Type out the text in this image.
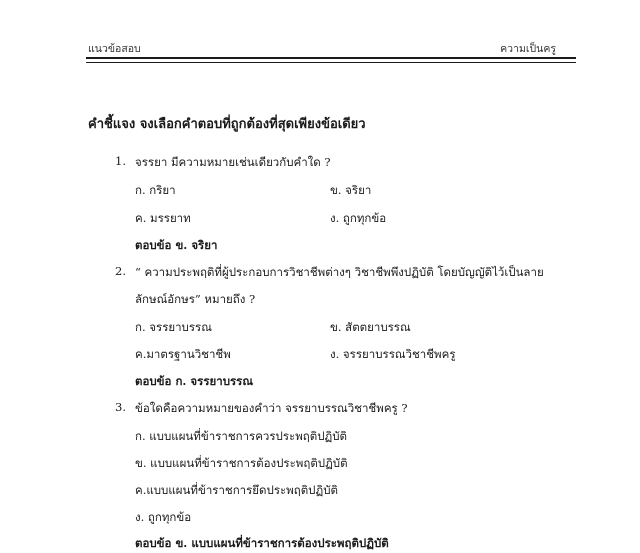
แนวข้อสอบ	ความเป็นครู
คำชี้แจง จงเลือกคำตอบที่ถูกต้องที่สุดเพียงข้อเดียว
1. จรรยา มีความหมายเช่นเดียวกับคำใด ?
ก. กริยา	ข. จริยา
ค. มรรยาท	ง. ถูกทุกข้อ
ตอบข้อ ข. จริยา
2. “ ความประพฤติที่ผู้ประกอบการวิชาชีพต่างๆ วิชาชีพพึงปฏิบัติ โดยบัญญัติไว้เป็นลาย
ลักษณ์อักษร” หมายถึง ?
ก. จรรยาบรรณ	ข. สัตตยาบรรณ
ค.มาตรฐานวิชาชีพ	ง. จรรยาบรรณวิชาชีพครู
ตอบข้อ ก. จรรยาบรรณ
3. ข้อใดคือความหมายของคำว่า จรรยาบรรณวิชาชีพครู ?
ก. แบบแผนที่ข้าราชการควรประพฤติปฏิบัติ
ข. แบบแผนที่ข้าราชการต้องประพฤติปฏิบัติ
ค.แบบแผนที่ข้าราชการยึดประพฤติปฏิบัติ
ง. ถูกทุกข้อ
ตอบข้อ ข. แบบแผนที่ข้าราชการต้องประพฤติปฏิบัติ
